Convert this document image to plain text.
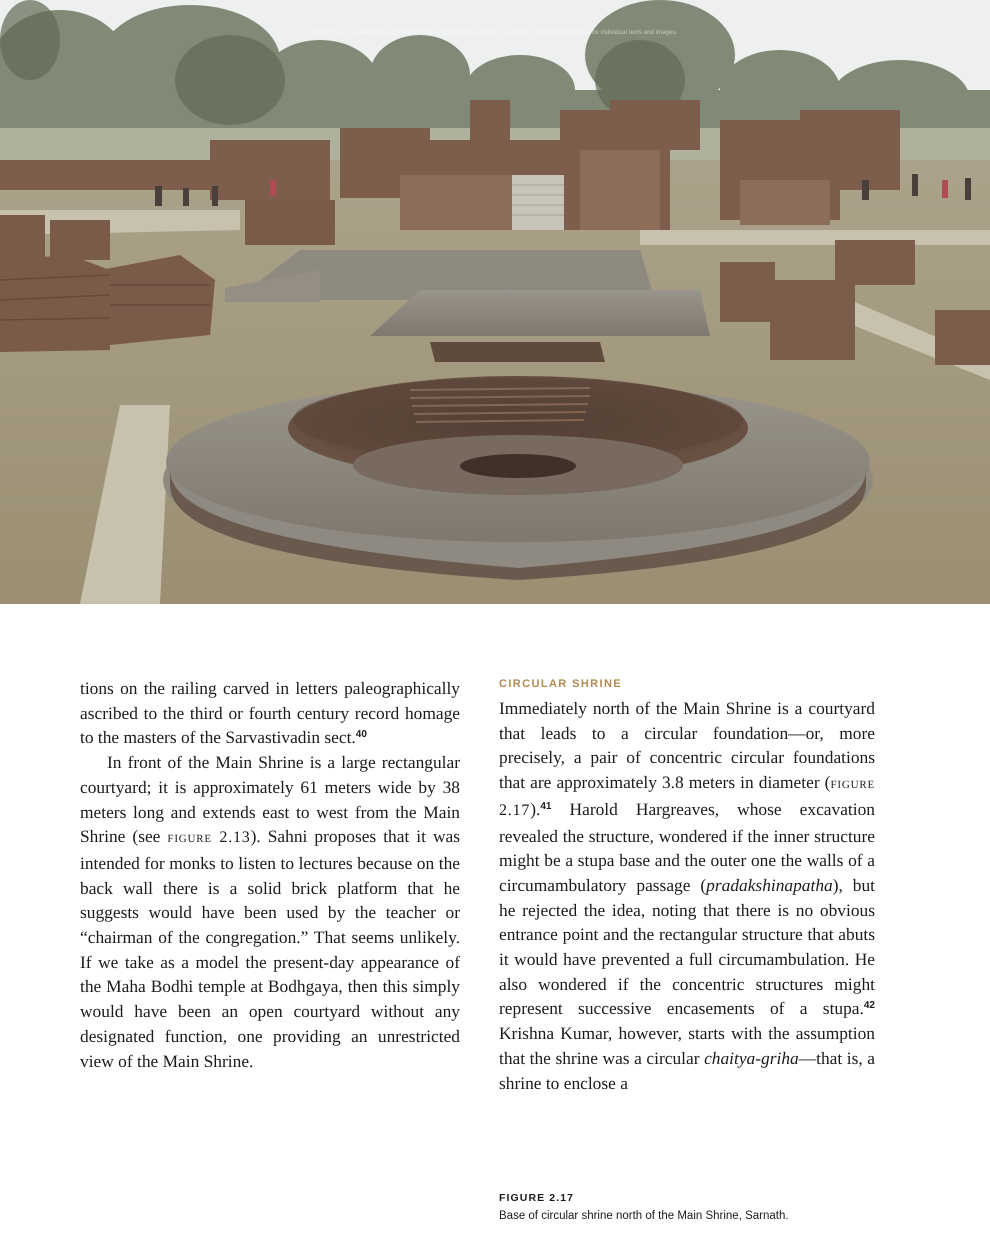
Getty Trust. See additional copyright notices and illustration captions to confirm copyright information for individual texts and images.

tions on the railing carved in letters paleographically ascribed to the third or fourth century record homage to the masters of the Sarvastivadin sect.$^{40}$

In front of the Main Shrine is a large rectangular courtyard; it is approximately 61 meters wide by 38 meters long and extends east to west from the Main Shrine (see figure 2.13). Sahni proposes that it was intended for monks to listen to lectures because on the back wall there is a solid brick platform that he suggests would have been used by the teacher or “chairman of the congregation.” That seems unlikely. If we take as a model the present-day appearance of the Maha Bodhi temple at Bodhgaya, then this simply would have been an open courtyard without any designated function, one providing an unrestricted view of the Main Shrine.

CIRCULAR SHRINE

Immediately north of the Main Shrine is a courtyard that leads to a circular foundation—or, more precisely, a pair of concentric circular foundations that are approximately 3.8 meters in diameter (figure 2.17).$^{41}$ Harold Hargreaves, whose excavation revealed the structure, wondered if the inner structure might be a stupa base and the outer one the walls of a circumambulatory passage (pradakshinapatha), but he rejected the idea, noting that there is no obvious entrance point and the rectangular structure that abuts it would have prevented a full circumambulation. He also wondered if the concentric structures might represent successive encasements of a stupa.$^{42}$ Krishna Kumar, however, starts with the assumption that the shrine was a circular chaitya-griha—that is, a shrine to enclose a

FIGURE 2.17
Base of circular shrine north of the Main Shrine, Sarnath.
